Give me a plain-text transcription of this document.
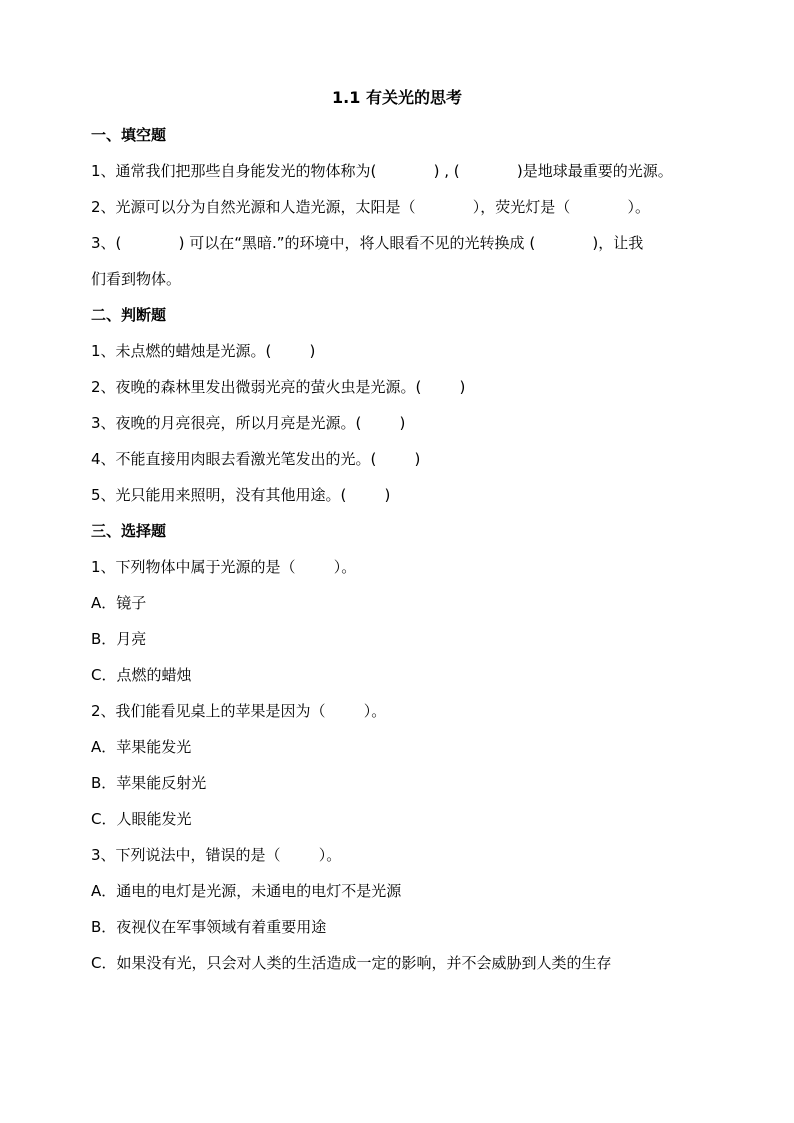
1.1 有关光的思考
一、填空题
1、通常我们把那些自身能发光的物体称为(            ) , (            )是地球最重要的光源。
2、光源可以分为自然光源和人造光源，太阳是（            ），荧光灯是（            ）。
3、(            ) 可以在“黑暗.”的环境中，将人眼看不见的光转换成 (            )，让我
们看到物体。
二、判断题
1、未点燃的蜡烛是光源。(        )
2、夜晚的森林里发出微弱光亮的萤火虫是光源。(        )
3、夜晚的月亮很亮，所以月亮是光源。(        )
4、不能直接用肉眼去看激光笔发出的光。(        )
5、光只能用来照明，没有其他用途。(        )
三、选择题
1、下列物体中属于光源的是（        ）。
A．镜子
B．月亮
C．点燃的蜡烛
2、我们能看见桌上的苹果是因为（        ）。
A．苹果能发光
B．苹果能反射光
C．人眼能发光
3、下列说法中，错误的是（        ）。
A．通电的电灯是光源，未通电的电灯不是光源
B．夜视仪在军事领域有着重要用途
C．如果没有光，只会对人类的生活造成一定的影响，并不会威胁到人类的生存
